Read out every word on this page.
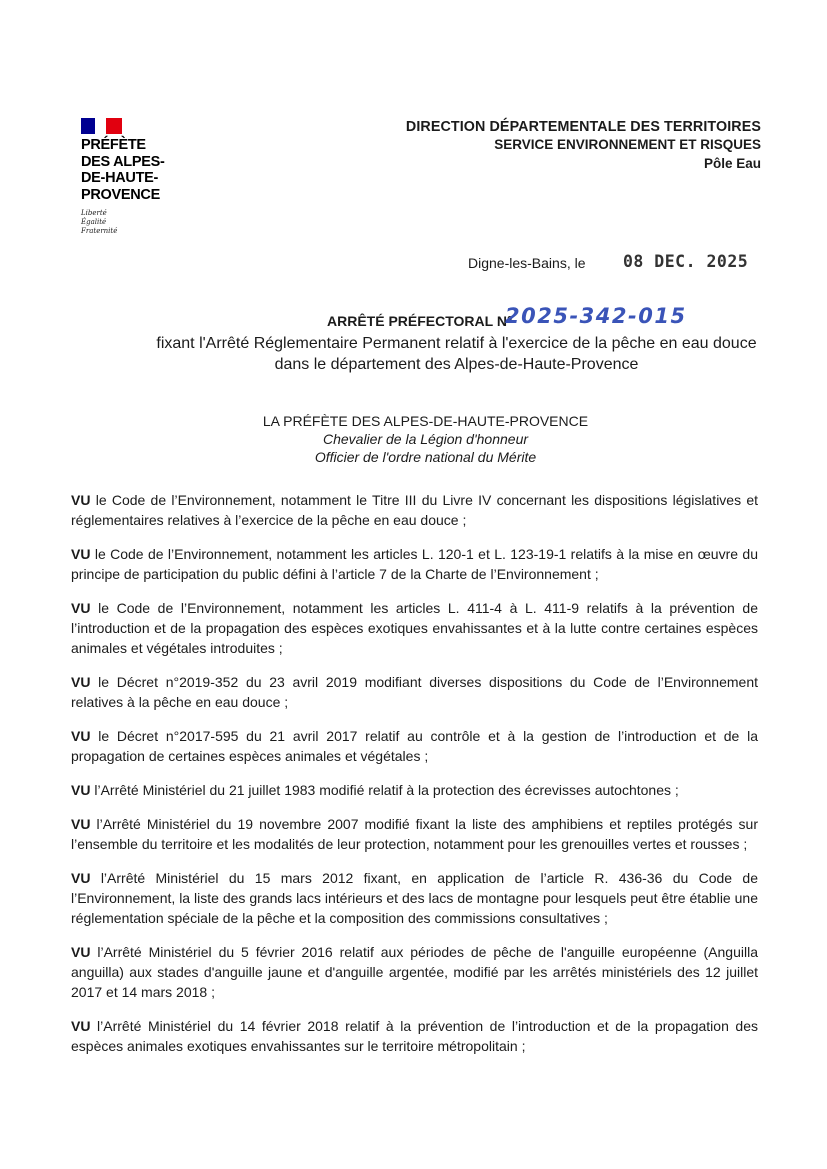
PRÉFÈTE
DES ALPES-
DE-HAUTE-
PROVENCE
Liberté
Égalité
Fraternité
DIRECTION DÉPARTEMENTALE DES TERRITOIRES
SERVICE ENVIRONNEMENT ET RISQUES
Pôle Eau
Digne-les-Bains, le 08 DEC. 2025
ARRÊTÉ PRÉFECTORAL N°
2025-342-015
fixant l'Arrêté Réglementaire Permanent relatif à l'exercice de la pêche en eau douce
dans le département des Alpes-de-Haute-Provence
LA PRÉFÈTE DES ALPES-DE-HAUTE-PROVENCE
Chevalier de la Légion d'honneur
Officier de l'ordre national du Mérite

VU le Code de l’Environnement, notamment le Titre III du Livre IV concernant les dispositions législatives et réglementaires relatives à l’exercice de la pêche en eau douce ;

VU le Code de l’Environnement, notamment les articles L. 120-1 et L. 123-19-1 relatifs à la mise en œuvre du principe de participation du public défini à l’article 7 de la Charte de l’Environnement ;

VU le Code de l’Environnement, notamment les articles L. 411-4 à L. 411-9 relatifs à la prévention de l’introduction et de la propagation des espèces exotiques envahissantes et à la lutte contre certaines espèces animales et végétales introduites ;

VU le Décret n°2019-352 du 23 avril 2019 modifiant diverses dispositions du Code de l’Environnement relatives à la pêche en eau douce ;

VU le Décret n°2017-595 du 21 avril 2017 relatif au contrôle et à la gestion de l’introduction et de la propagation de certaines espèces animales et végétales ;

VU l’Arrêté Ministériel du 21 juillet 1983 modifié relatif à la protection des écrevisses autochtones ;

VU l’Arrêté Ministériel du 19 novembre 2007 modifié fixant la liste des amphibiens et reptiles protégés sur l’ensemble du territoire et les modalités de leur protection, notamment pour les grenouilles vertes et rousses ;

VU l’Arrêté Ministériel du 15 mars 2012 fixant, en application de l’article R. 436-36 du Code de l’Environnement, la liste des grands lacs intérieurs et des lacs de montagne pour lesquels peut être établie une réglementation spéciale de la pêche et la composition des commissions consultatives ;

VU l’Arrêté Ministériel du 5 février 2016 relatif aux périodes de pêche de l'anguille européenne (Anguilla anguilla) aux stades d'anguille jaune et d'anguille argentée, modifié par les arrêtés ministériels des 12 juillet 2017 et 14 mars 2018 ;

VU l’Arrêté Ministériel du 14 février 2018 relatif à la prévention de l’introduction et de la propagation des espèces animales exotiques envahissantes sur le territoire métropolitain ;
